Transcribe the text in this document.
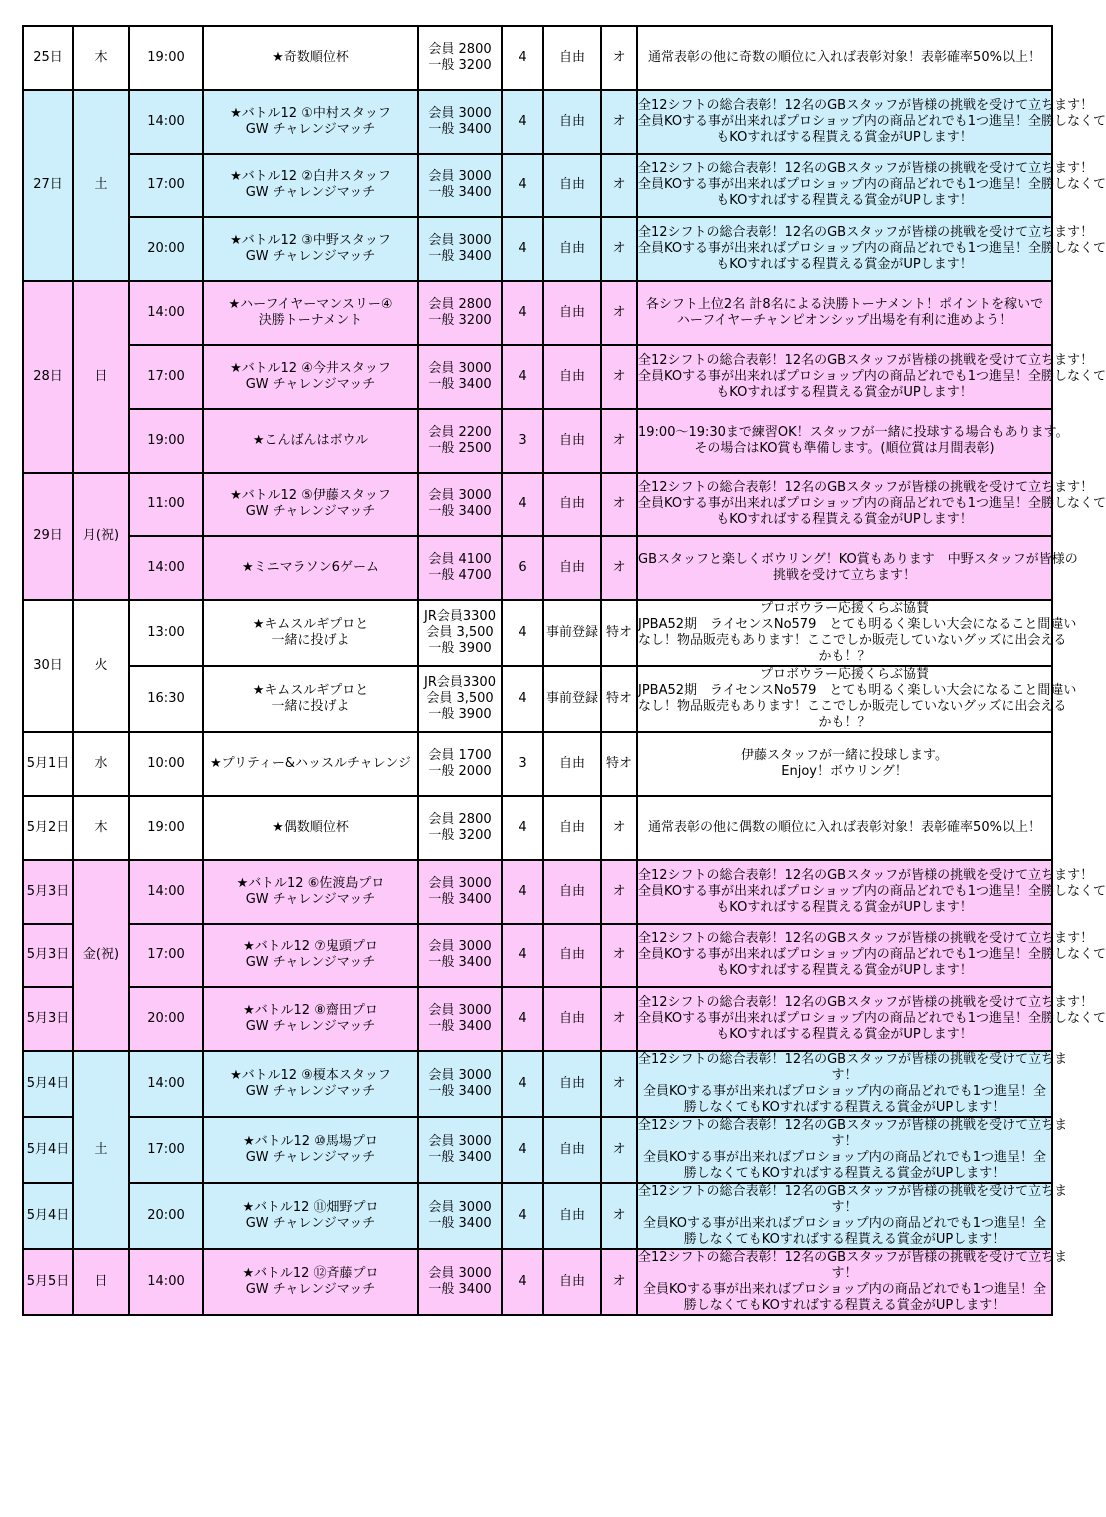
25日	木	19:00	★奇数順位杯	会員 2800
一般 3200	4	自由	オ	通常表彰の他に奇数の順位に入れば表彰対象！表彰確率50%以上！

27日	土	14:00	★バトル12 ①中村スタッフ
GW チャレンジマッチ	会員 3000
一般 3400	4	自由	オ	全12シフトの総合表彰！12名のGBスタッフが皆様の挑戦を受けて立ちます！
全員KOする事が出来ればプロショップ内の商品どれでも1つ進呈！全勝しなくて
もKOすればする程貰える賞金がUPします！

		17:00	★バトル12 ②白井スタッフ
GW チャレンジマッチ	会員 3000
一般 3400	4	自由	オ	全12シフトの総合表彰！12名のGBスタッフが皆様の挑戦を受けて立ちます！
全員KOする事が出来ればプロショップ内の商品どれでも1つ進呈！全勝しなくて
もKOすればする程貰える賞金がUPします！

		20:00	★バトル12 ③中野スタッフ
GW チャレンジマッチ	会員 3000
一般 3400	4	自由	オ	全12シフトの総合表彰！12名のGBスタッフが皆様の挑戦を受けて立ちます！
全員KOする事が出来ればプロショップ内の商品どれでも1つ進呈！全勝しなくて
もKOすればする程貰える賞金がUPします！

28日	日	14:00	★ハーフイヤーマンスリー④
決勝トーナメント	会員 2800
一般 3200	4	自由	オ	各シフト上位2名 計8名による決勝トーナメント！ポイントを稼いで
ハーフイヤーチャンピオンシップ出場を有利に進めよう！

		17:00	★バトル12 ④今井スタッフ
GW チャレンジマッチ	会員 3000
一般 3400	4	自由	オ	全12シフトの総合表彰！12名のGBスタッフが皆様の挑戦を受けて立ちます！
全員KOする事が出来ればプロショップ内の商品どれでも1つ進呈！全勝しなくて
もKOすればする程貰える賞金がUPします！

		19:00	★こんばんはボウル	会員 2200
一般 2500	3	自由	オ	19:00～19:30まで練習OK！スタッフが一緒に投球する場合もあります。
その場合はKO賞も準備します。(順位賞は月間表彰)

29日	月(祝)	11:00	★バトル12 ⑤伊藤スタッフ
GW チャレンジマッチ	会員 3000
一般 3400	4	自由	オ	全12シフトの総合表彰！12名のGBスタッフが皆様の挑戦を受けて立ちます！
全員KOする事が出来ればプロショップ内の商品どれでも1つ進呈！全勝しなくて
もKOすればする程貰える賞金がUPします！

		14:00	★ミニマラソン6ゲーム	会員 4100
一般 4700	6	自由	オ	GBスタッフと楽しくボウリング！KO賞もあります　中野スタッフが皆様の
挑戦を受けて立ちます！

30日	火	13:00	★キムスルギプロと
一緒に投げよ	JR会員3300
会員 3,500
一般 3900	4	事前登録	特オ	プロボウラー応援くらぶ協賛
JPBA52期　ライセンスNo579　とても明るく楽しい大会になること間違い
なし！物品販売もあります！ここでしか販売していないグッズに出会える
かも！？

		16:30	★キムスルギプロと
一緒に投げよ	JR会員3300
会員 3,500
一般 3900	4	事前登録	特オ	プロボウラー応援くらぶ協賛
JPBA52期　ライセンスNo579　とても明るく楽しい大会になること間違い
なし！物品販売もあります！ここでしか販売していないグッズに出会える
かも！？

5月1日	水	10:00	★プリティー&ハッスルチャレンジ	会員 1700
一般 2000	3	自由	特オ	伊藤スタッフが一緒に投球します。
Enjoy！ボウリング！

5月2日	木	19:00	★偶数順位杯	会員 2800
一般 3200	4	自由	オ	通常表彰の他に偶数の順位に入れば表彰対象！表彰確率50%以上！

5月3日	金(祝)	14:00	★バトル12 ⑥佐渡島プロ
GW チャレンジマッチ	会員 3000
一般 3400	4	自由	オ	全12シフトの総合表彰！12名のGBスタッフが皆様の挑戦を受けて立ちます！
全員KOする事が出来ればプロショップ内の商品どれでも1つ進呈！全勝しなくて
もKOすればする程貰える賞金がUPします！

5月3日		17:00	★バトル12 ⑦鬼頭プロ
GW チャレンジマッチ	会員 3000
一般 3400	4	自由	オ	全12シフトの総合表彰！12名のGBスタッフが皆様の挑戦を受けて立ちます！
全員KOする事が出来ればプロショップ内の商品どれでも1つ進呈！全勝しなくて
もKOすればする程貰える賞金がUPします！

5月3日		20:00	★バトル12 ⑧齋田プロ
GW チャレンジマッチ	会員 3000
一般 3400	4	自由	オ	全12シフトの総合表彰！12名のGBスタッフが皆様の挑戦を受けて立ちます！
全員KOする事が出来ればプロショップ内の商品どれでも1つ進呈！全勝しなくて
もKOすればする程貰える賞金がUPします！

5月4日	土	14:00	★バトル12 ⑨榎本スタッフ
GW チャレンジマッチ	会員 3000
一般 3400	4	自由	オ	全12シフトの総合表彰！12名のGBスタッフが皆様の挑戦を受けて立ちま
す！
全員KOする事が出来ればプロショップ内の商品どれでも1つ進呈！全
勝しなくてもKOすればする程貰える賞金がUPします！

5月4日		17:00	★バトル12 ⑩馬場プロ
GW チャレンジマッチ	会員 3000
一般 3400	4	自由	オ	全12シフトの総合表彰！12名のGBスタッフが皆様の挑戦を受けて立ちま
す！
全員KOする事が出来ればプロショップ内の商品どれでも1つ進呈！全
勝しなくてもKOすればする程貰える賞金がUPします！

5月4日		20:00	★バトル12 ⑪畑野プロ
GW チャレンジマッチ	会員 3000
一般 3400	4	自由	オ	全12シフトの総合表彰！12名のGBスタッフが皆様の挑戦を受けて立ちま
す！
全員KOする事が出来ればプロショップ内の商品どれでも1つ進呈！全
勝しなくてもKOすればする程貰える賞金がUPします！

5月5日	日	14:00	★バトル12 ⑫斉藤プロ
GW チャレンジマッチ	会員 3000
一般 3400	4	自由	オ	全12シフトの総合表彰！12名のGBスタッフが皆様の挑戦を受けて立ちま
す！
全員KOする事が出来ればプロショップ内の商品どれでも1つ進呈！全
勝しなくてもKOすればする程貰える賞金がUPします！
